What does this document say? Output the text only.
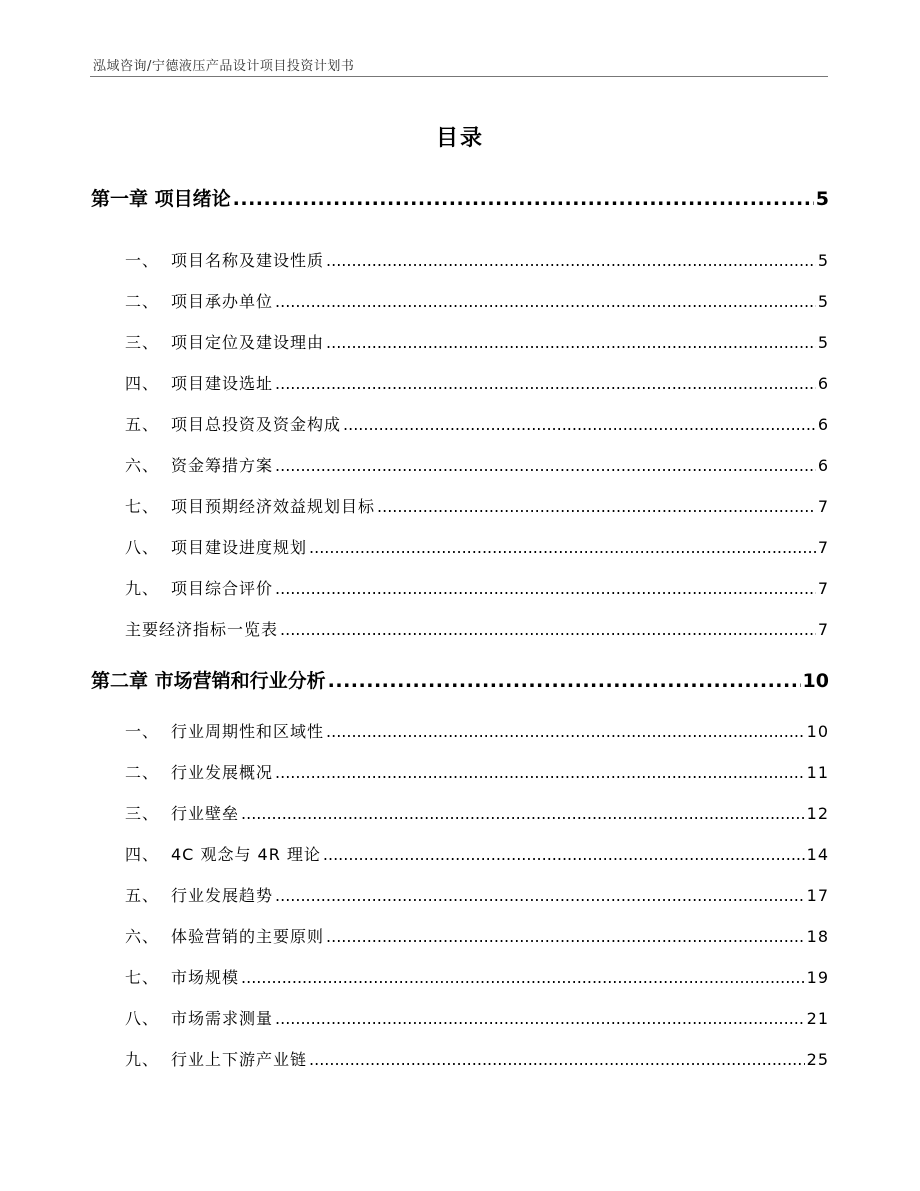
泓域咨询/宁德液压产品设计项目投资计划书
目录
第一章 项目绪论 .....	5
一、 项目名称及建设性质 .....	5
二、 项目承办单位 .....	5
三、 项目定位及建设理由 .....	5
四、 项目建设选址 .....	6
五、 项目总投资及资金构成 .....	6
六、 资金筹措方案 .....	6
七、 项目预期经济效益规划目标 .....	7
八、 项目建设进度规划 .....	7
九、 项目综合评价 .....	7
主要经济指标一览表 .....	7
第二章 市场营销和行业分析 .....	10
一、 行业周期性和区域性 .....	10
二、 行业发展概况 .....	11
三、 行业壁垒 .....	12
四、 4C 观念与 4R 理论 .....	14
五、 行业发展趋势 .....	17
六、 体验营销的主要原则 .....	18
七、 市场规模 .....	19
八、 市场需求测量 .....	21
九、 行业上下游产业链 .....	25
